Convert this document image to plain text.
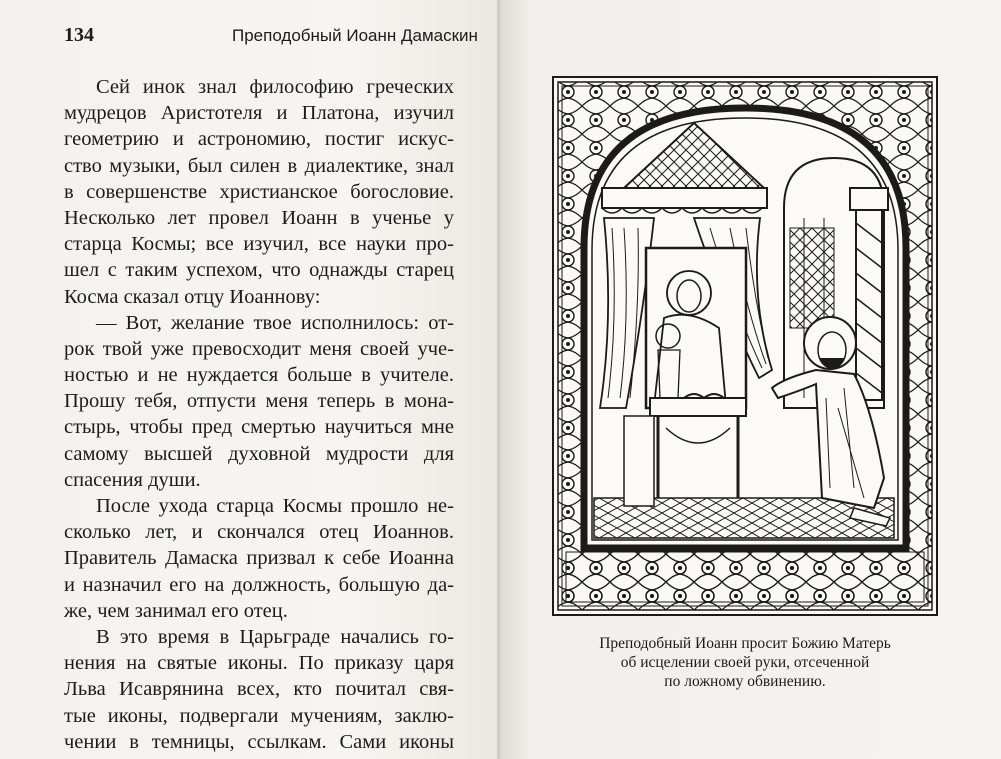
134	Преподобный Иоанн Дамаскин
Сей инок знал философию греческих
мудрецов Аристотеля и Платона, изучил
геометрию и астрономию, постиг искус-
ство музыки, был силен в диалектике, знал
в совершенстве христианское богословие.
Несколько лет провел Иоанн в ученье у
старца Космы; все изучил, все науки про-
шел с таким успехом, что однажды старец
Косма сказал отцу Иоаннову:
— Вот, желание твое исполнилось: от-
рок твой уже превосходит меня своей уче-
ностью и не нуждается больше в учителе.
Прошу тебя, отпусти меня теперь в мона-
стырь, чтобы пред смертью научиться мне
самому высшей духовной мудрости для
спасения души.
После ухода старца Космы прошло не-
сколько лет, и скончался отец Иоаннов.
Правитель Дамаска призвал к себе Иоанна
и назначил его на должность, большую да-
же, чем занимал его отец.
В это время в Царьграде начались го-
нения на святые иконы. По приказу царя
Льва Исаврянина всех, кто почитал свя-
тые иконы, подвергали мучениям, заклю-
чении в темницы, ссылкам. Сами иконы
Преподобный Иоанн просит Божию Матерь
об исцелении своей руки, отсеченной
по ложному обвинению.
